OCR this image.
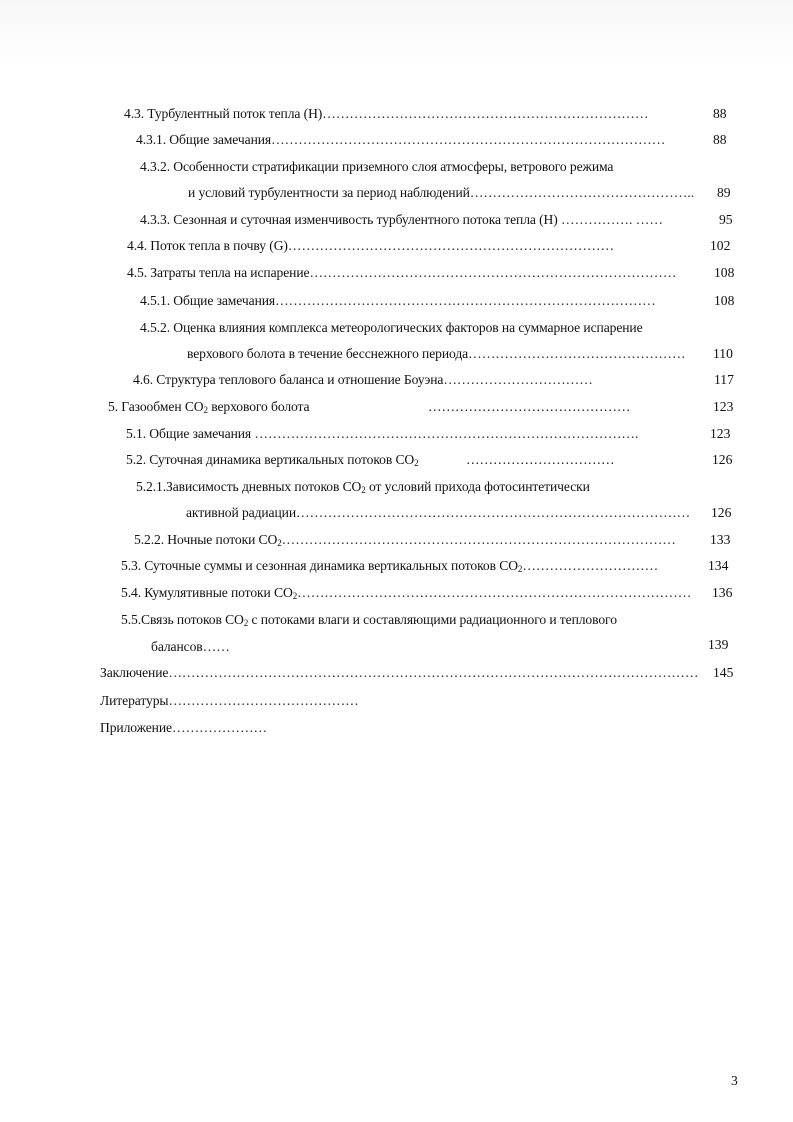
4.3. Турбулентный поток тепла (H)………………………………………………………………	88
4.3.1. Общие замечания……………………………………………………………………………	88
4.3.2. Особенности стратификации приземного слоя атмосферы, ветрового режима
и условий турбулентности за период наблюдений………………………………………….. 89
4.3.3. Сезонная и суточная изменчивость турбулентного потока тепла (H) ……………. ……	95
4.4. Поток тепла в почву (G)………………………………………………………………	102
4.5. Затраты тепла на испарение………………………………………………………………………	108
4.5.1. Общие замечания…………………………………………………………………………	108
4.5.2. Оценка влияния комплекса метеорологических факторов на суммарное испарение
верхового болота в течение бесснежного периода………………………………………… 110
4.6. Структура теплового баланса и отношение Боуэна……………………………	117
5. Газообмен $CO_2$ верхового болота	………………………………………	123
5.1. Общие замечания ………………………………………………………………………….	123
5.2. Суточная динамика вертикальных потоков $CO_2$	……………………………	126
5.2.1.Зависимость дневных потоков $CO_2$ от условий прихода фотосинтетически
активной радиации…………………………………………………………………………… 126
5.2.2. Ночные потоки $CO_2\dots\dots\dots\dots\dots\dots\dots\dots\dots\dots\dots\dots\dots\dots\dots\dots\dots\dots\dots\dots\dots\dots\dots\dots\dots\dots\dots\dots\dots$	133
5.3. Суточные суммы и сезонная динамика вертикальных потоков $CO_2\dots\dots\dots\dots\dots\dots\dots\dots\dots\dots$	134
5.4. Кумулятивные потоки $CO_2\dots\dots\dots\dots\dots\dots\dots\dots\dots\dots\dots\dots\dots\dots\dots\dots\dots\dots\dots\dots\dots\dots\dots\dots\dots\dots\dots\dots\dots$ 136
5.5.Связь потоков $CO_2$ с потоками влаги и составляющими радиационного и теплового
балансов……	139
Заключение……………………………………………………………………………………………………… 145
Литературы……………………………………
Приложение…………………
3
